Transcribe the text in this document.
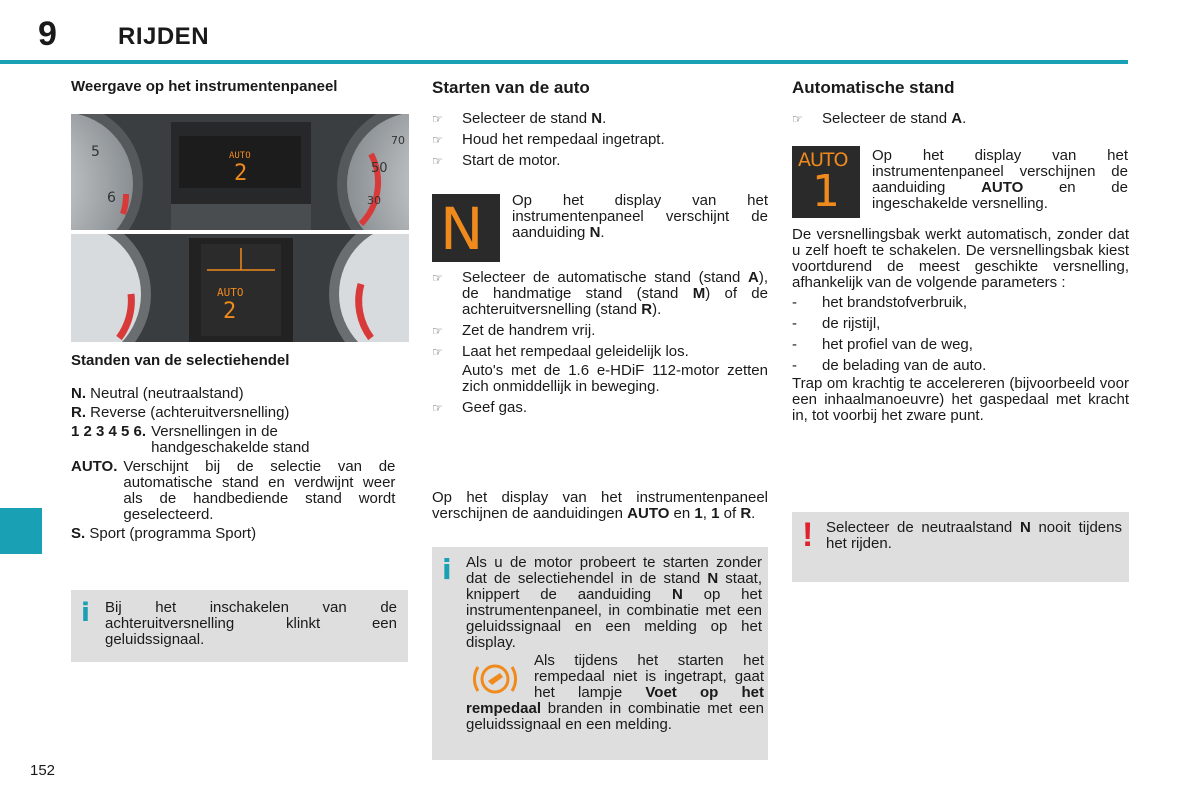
9	RIJDEN
152

Weergave op het instrumentenpaneel

AUTO
2
5
6
70
50
30
AUTO
2

Standen van de selectiehendel

N. Neutral (neutraalstand)
R. Reverse (achteruitversnelling)
1 2 3 4 5 6. Versnellingen in de handgeschakelde stand
AUTO. Verschijnt bij de selectie van de automatische stand en verdwijnt weer als de handbediende stand wordt geselecteerd.
S. Sport (programma Sport)
i Bij het inschakelen van de achteruitversnelling klinkt een geluidssignaal.

Starten van de auto

☞ Selecteer de stand N.
☞ Houd het rempedaal ingetrapt.
☞ Start de motor.
N Op het display van het instrumentenpaneel verschijnt de aanduiding N.

☞ Selecteer de automatische stand (stand A), de handmatige stand (stand M) of de achteruitversnelling (stand R).
☞ Zet de handrem vrij.
☞ Laat het rempedaal geleidelijk los.

Auto's met de 1.6 e-HDiF 112-motor zetten zich onmiddellijk in beweging.

☞ Geef gas.

Op het display van het instrumentenpaneel verschijnen de aanduidingen AUTO en 1, 1 of R.

i Als u de motor probeert te starten zonder dat de selectiehendel in de stand N staat, knippert de aanduiding N op het instrumentenpaneel, in combinatie met een geluidssignaal en een melding op het display.

Als tijdens het starten het rempedaal niet is ingetrapt, gaat het lampje Voet op het rempedaal branden in combinatie met een geluidssignaal en een melding.

Automatische stand

☞ Selecteer de stand A.
AUTO
1

Op het display van het instrumentenpaneel verschijnen de aanduiding AUTO en de ingeschakelde versnelling.

De versnellingsbak werkt automatisch, zonder dat u zelf hoeft te schakelen. De versnellingsbak kiest voortdurend de meest geschikte versnelling, afhankelijk van de volgende parameters :

- het brandstofverbruik,
- de rijstijl,
- het profiel van de weg,
- de belading van de auto.

Trap om krachtig te accelereren (bijvoorbeeld voor een inhaalmanoeuvre) het gaspedaal met kracht in, tot voorbij het zware punt.

! Selecteer de neutraalstand N nooit tijdens het rijden.
